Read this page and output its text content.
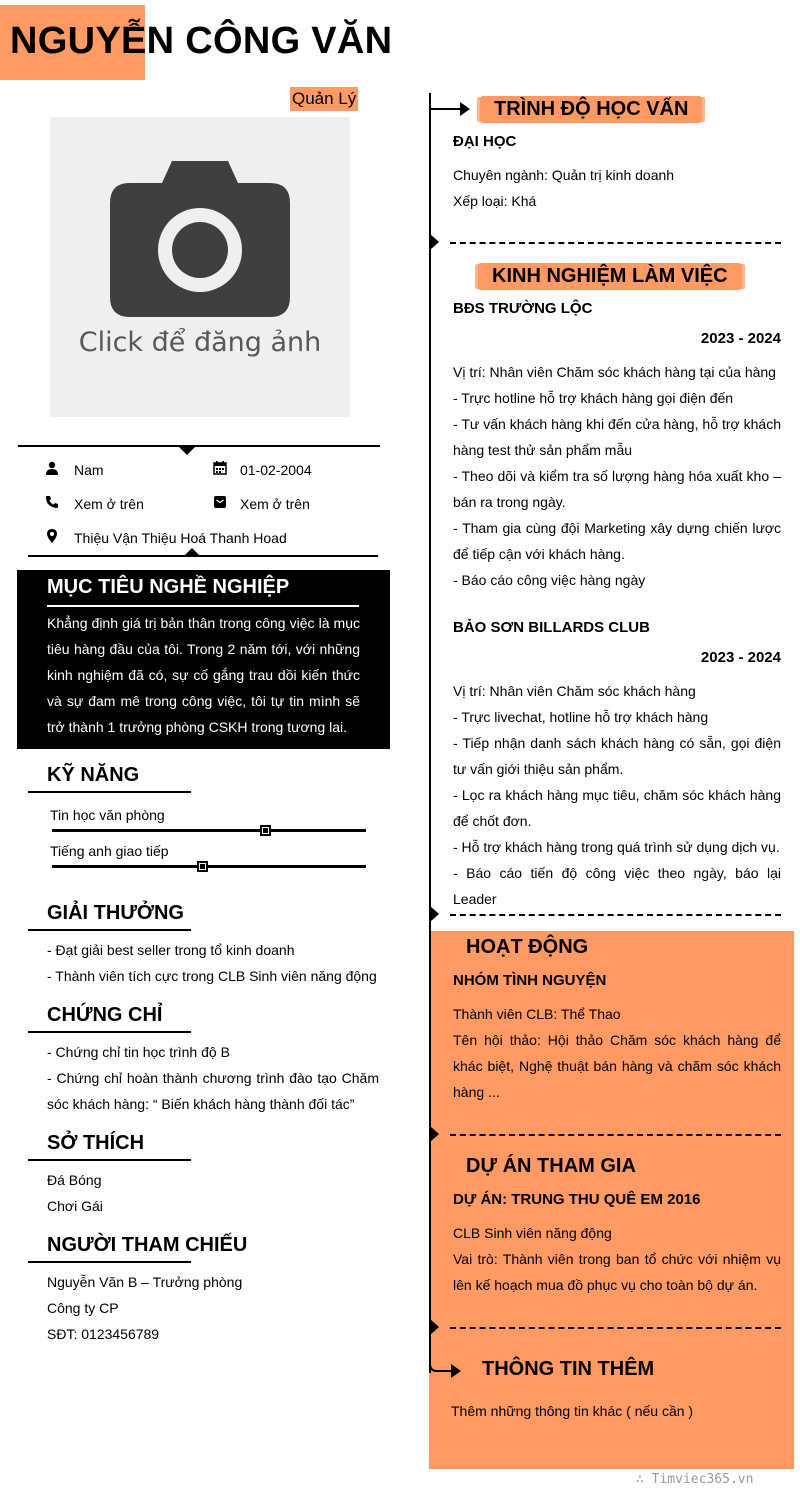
NGUYỄN CÔNG VĂN
Quản Lý
Click để đăng ảnh
Nam	01-02-2004
Xem ở trên	Xem ở trên
Thiệu Vận Thiệu Hoá Thanh Hoad
MỤC TIÊU NGHỀ NGHIỆP
Khẳng định giá trị bản thân trong công việc là mục tiêu hàng đầu của tôi. Trong 2 năm tới, với những kinh nghiệm đã có, sự cố gắng trau dồi kiến thức và sự đam mê trong công việc, tôi tự tin mình sẽ trở thành 1 trưởng phòng CSKH trong tương lai.
KỸ NĂNG
Tin học văn phòng
Tiếng anh giao tiếp
GIẢI THƯỞNG
- Đạt giải best seller trong tổ kinh doanh
- Thành viên tích cực trong CLB Sinh viên năng động
CHỨNG CHỈ
- Chứng chỉ tin học trình độ B
- Chứng chỉ hoàn thành chương trình đào tạo Chăm sóc khách hàng: “ Biến khách hàng thành đối tác”
SỞ THÍCH
Đá Bóng
Chơi Gái
NGƯỜI THAM CHIẾU
Nguyễn Văn B – Trưởng phòng
Công ty CP
SĐT: 0123456789
TRÌNH ĐỘ HỌC VẤN
ĐẠI HỌC
Chuyên ngành: Quản trị kinh doanh
Xếp loại: Khá
KINH NGHIỆM LÀM VIỆC
BĐS TRƯỜNG LỘC
2023 - 2024
Vị trí: Nhân viên Chăm sóc khách hàng tại của hàng
- Trực hotline hỗ trợ khách hàng gọi điện đến
- Tư vấn khách hàng khi đến cửa hàng, hỗ trợ khách hàng test thử sản phẩm mẫu
- Theo dõi và kiểm tra số lượng hàng hóa xuất kho – bán ra trong ngày.
- Tham gia cùng đội Marketing xây dựng chiến lược để tiếp cận với khách hàng.
- Báo cáo công việc hàng ngày
BẢO SƠN BILLARDS CLUB
2023 - 2024
Vị trí: Nhân viên Chăm sóc khách hàng
- Trực livechat, hotline hỗ trợ khách hàng
- Tiếp nhận danh sách khách hàng có sẵn, gọi điện tư vấn giới thiệu sản phẩm.
- Lọc ra khách hàng mục tiêu, chăm sóc khách hàng để chốt đơn.
- Hỗ trợ khách hàng trong quá trình sử dụng dịch vụ.
- Báo cáo tiến độ công việc theo ngày, báo lại Leader
HOẠT ĐỘNG
NHÓM TÌNH NGUYỆN
Thành viên CLB: Thể Thao
Tên hội thảo: Hội thảo Chăm sóc khách hàng để khác biệt, Nghệ thuật bán hàng và chăm sóc khách hàng ...
DỰ ÁN THAM GIA
DỰ ÁN: TRUNG THU QUÊ EM 2016
CLB Sinh viên năng động
Vai trò: Thành viên trong ban tổ chức với nhiệm vụ lên kế hoạch mua đồ phục vụ cho toàn bộ dự án.
THÔNG TIN THÊM
Thêm những thông tin khác ( nếu cần )
∴ Timviec365.vn
